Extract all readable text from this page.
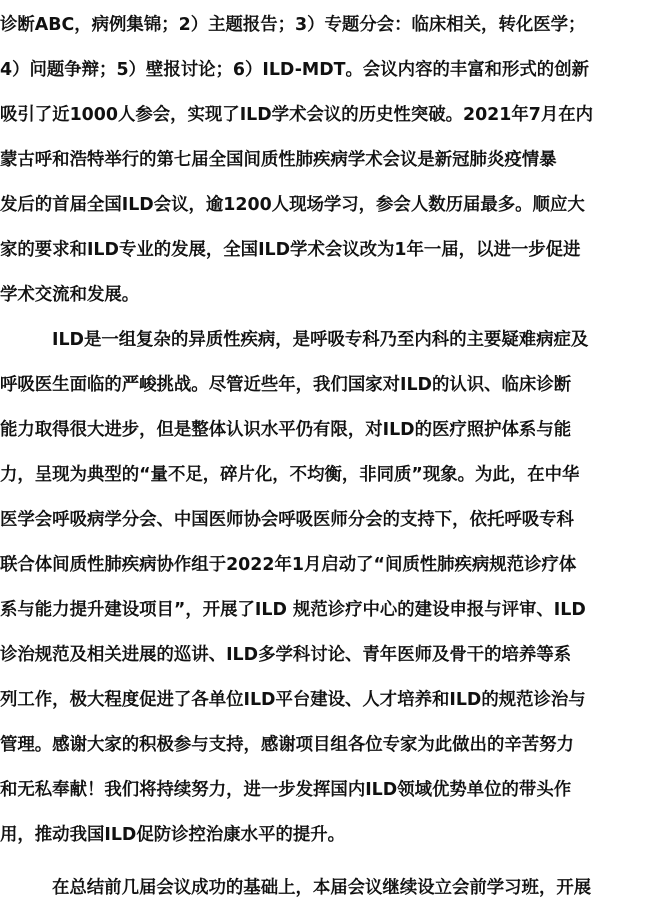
诊断ABC，病例集锦；2）主题报告；3）专题分会：临床相关，转化医学；
4）问题争辩；5）壁报讨论；6）ILD-MDT。会议内容的丰富和形式的创新
吸引了近1000人参会，实现了ILD学术会议的历史性突破。2021年7月在内
蒙古呼和浩特举行的第七届全国间质性肺疾病学术会议是新冠肺炎疫情暴
发后的首届全国ILD会议，逾1200人现场学习，参会人数历届最多。顺应大
家的要求和ILD专业的发展，全国ILD学术会议改为1年一届，以进一步促进
学术交流和发展。
ILD是一组复杂的异质性疾病，是呼吸专科乃至内科的主要疑难病症及
呼吸医生面临的严峻挑战。尽管近些年，我们国家对ILD的认识、临床诊断
能力取得很大进步，但是整体认识水平仍有限，对ILD的医疗照护体系与能
力，呈现为典型的“量不足，碎片化，不均衡，非同质”现象。为此，在中华
医学会呼吸病学分会、中国医师协会呼吸医师分会的支持下，依托呼吸专科
联合体间质性肺疾病协作组于2022年1月启动了“间质性肺疾病规范诊疗体
系与能力提升建设项目”，开展了ILD 规范诊疗中心的建设申报与评审、ILD
诊治规范及相关进展的巡讲、ILD多学科讨论、青年医师及骨干的培养等系
列工作，极大程度促进了各单位ILD平台建设、人才培养和ILD的规范诊治与
管理。感谢大家的积极参与支持，感谢项目组各位专家为此做出的辛苦努力
和无私奉献！我们将持续努力，进一步发挥国内ILD领域优势单位的带头作
用，推动我国ILD促防诊控治康水平的提升。
在总结前几届会议成功的基础上，本届会议继续设立会前学习班，开展
